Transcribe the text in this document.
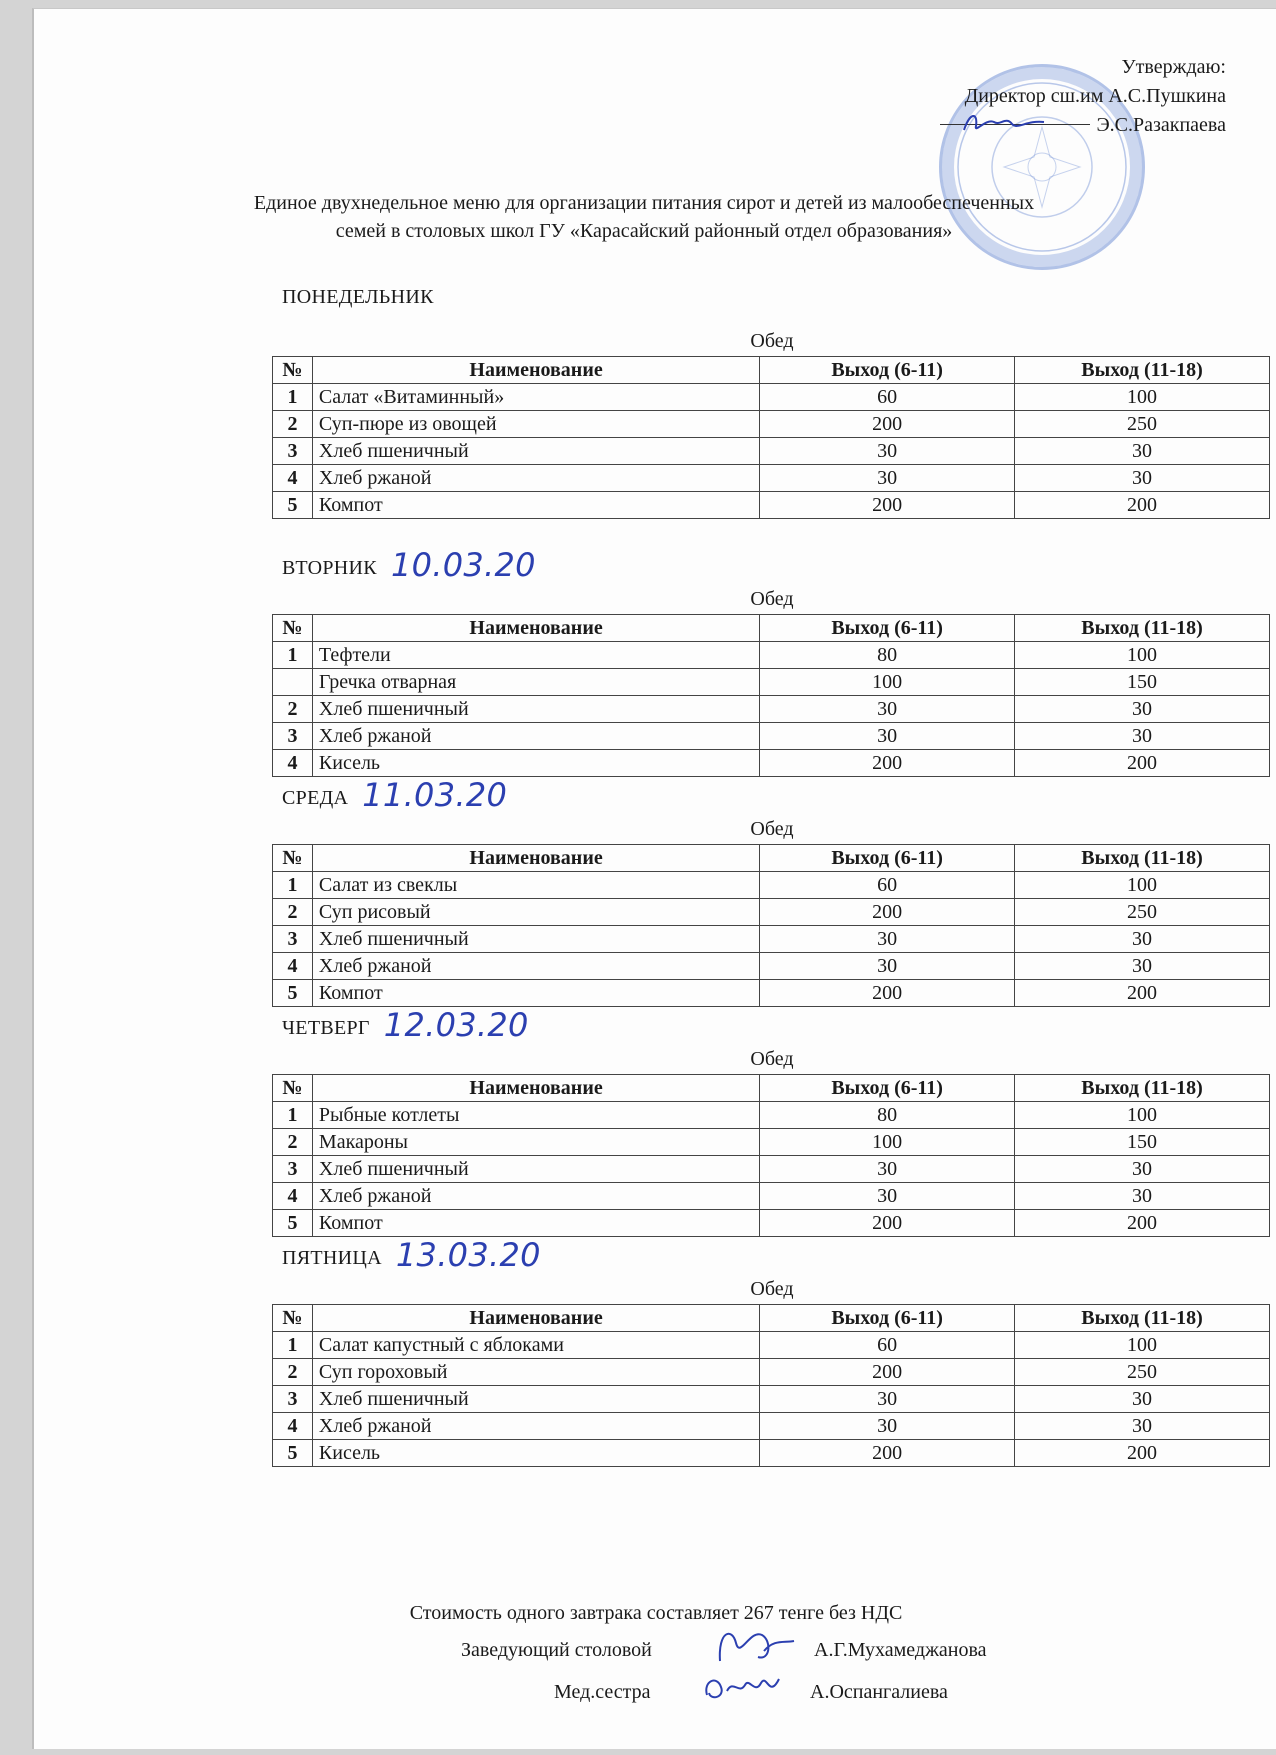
Утверждаю:
Директор сш.им А.С.Пушкина
Э.С.Разакпаева
Единое двухнедельное меню для организации питания сирот и детей из малообеспеченных
семей в столовых школ ГУ «Карасайский районный отдел образования»
ПОНЕДЕЛЬНИК
Обед
№	Наименование	Выход (6-11)	Выход (11-18)
1	Салат «Витаминный»	60	100
2	Суп-пюре из овощей	200	250
3	Хлеб пшеничный	30	30
4	Хлеб ржаной	30	30
5	Компот	200	200
ВТОРНИК 10.03.20
Обед
№	Наименование	Выход (6-11)	Выход (11-18)
1	Тефтели	80	100
	Гречка отварная	100	150
2	Хлеб пшеничный	30	30
3	Хлеб ржаной	30	30
4	Кисель	200	200
СРЕДА 11.03.20
Обед
№	Наименование	Выход (6-11)	Выход (11-18)
1	Салат из свеклы	60	100
2	Суп рисовый	200	250
3	Хлеб пшеничный	30	30
4	Хлеб ржаной	30	30
5	Компот	200	200
ЧЕТВЕРГ 12.03.20
Обед
№	Наименование	Выход (6-11)	Выход (11-18)
1	Рыбные котлеты	80	100
2	Макароны	100	150
3	Хлеб пшеничный	30	30
4	Хлеб ржаной	30	30
5	Компот	200	200
ПЯТНИЦА 13.03.20
Обед
№	Наименование	Выход (6-11)	Выход (11-18)
1	Салат капустный с яблоками	60	100
2	Суп гороховый	200	250
3	Хлеб пшеничный	30	30
4	Хлеб ржаной	30	30
5	Кисель	200	200
Стоимость одного завтрака составляет 267 тенге без НДС
Заведующий столовой	А.Г.Мухамеджанова
Мед.сестра	А.Оспангалиева
